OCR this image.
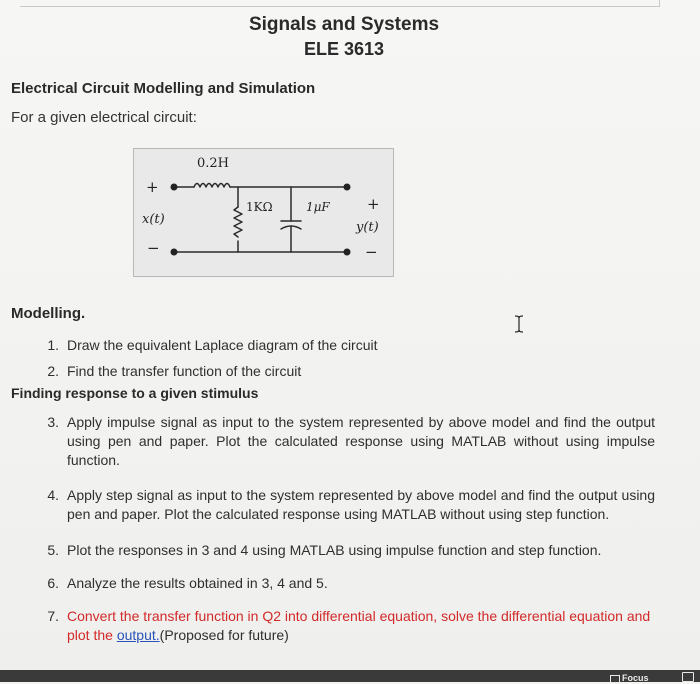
Signals and Systems
ELE 3613
Electrical Circuit Modelling and Simulation
For a given electrical circuit:
0.2H
1KΩ	1μF
+
x(t)
−
+
y(t)
−
Modelling.
1. Draw the equivalent Laplace diagram of the circuit
2. Find the transfer function of the circuit
Finding response to a given stimulus
3. Apply impulse signal as input to the system represented by above model and find the output using pen and paper. Plot the calculated response using MATLAB without using impulse function.
4. Apply step signal as input to the system represented by above model and find the output using pen and paper. Plot the calculated response using MATLAB without using step function.
5. Plot the responses in 3 and 4 using MATLAB using impulse function and step function.
6. Analyze the results obtained in 3, 4 and 5.
7. Convert the transfer function in Q2 into differential equation, solve the differential equation and plot the output.(Proposed for future)
Focus
